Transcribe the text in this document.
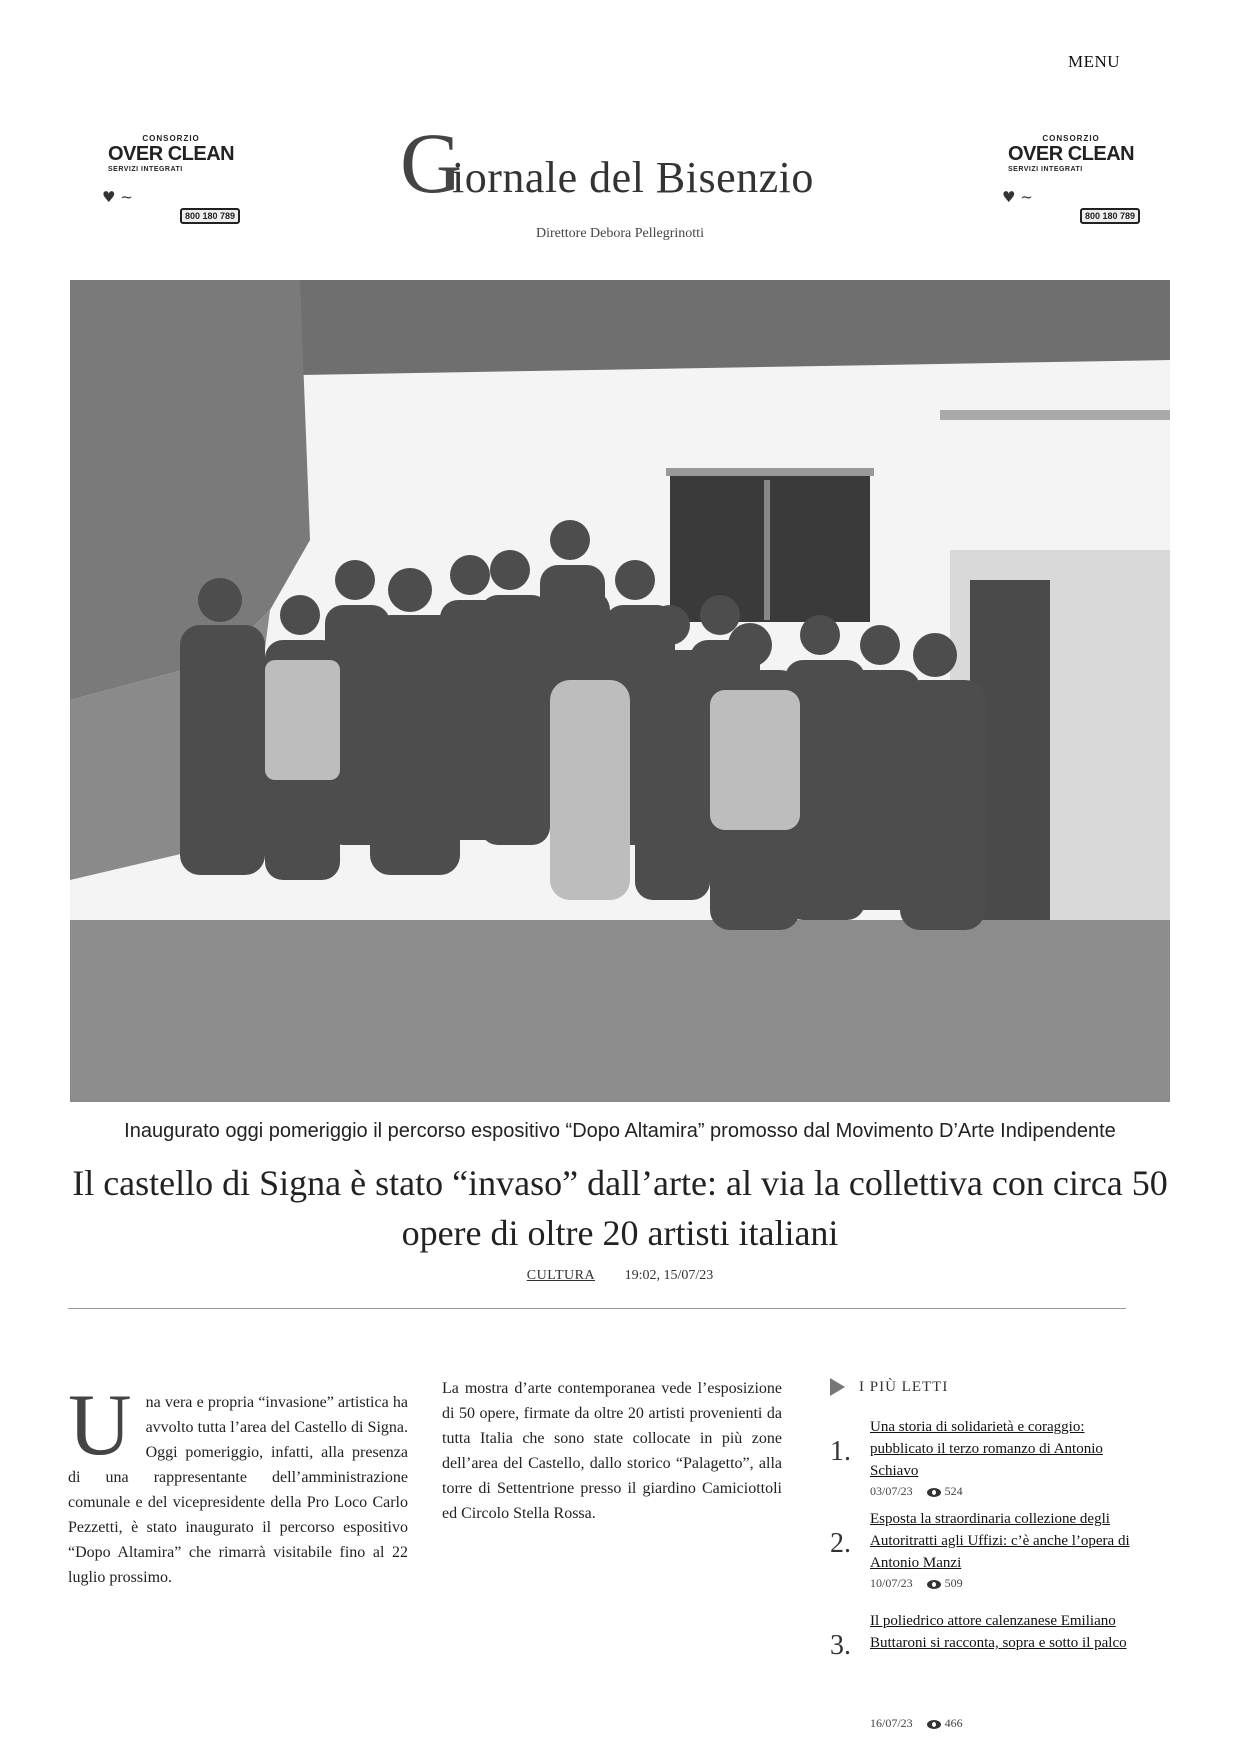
MENU
CONSORZIO
OVER CLEAN
SERVIZI INTEGRATI
♥ ~
800 180 789
G
iornale del Bisenzio
Direttore Debora Pellegrinotti
CONSORZIO
OVER CLEAN
SERVIZI INTEGRATI
♥ ~
800 180 789
Inaugurato oggi pomeriggio il percorso espositivo “Dopo Altamira” promosso dal Movimento D’Arte Indipendente
Il castello di Signa è stato “invaso” dall’arte: al via la collettiva con circa 50 opere di oltre 20 artisti italiani
CULTURA 19:02, 15/07/23
U na vera e propria “invasione” artistica ha avvolto tutta l’area del Castello di Signa. Oggi pomeriggio, infatti, alla presenza di una rappresentante dell’amministrazione comunale e del vicepresidente della Pro Loco Carlo Pezzetti, è stato inaugurato il percorso espositivo “Dopo Altamira” che rimarrà visitabile fino al 22 luglio prossimo.
La mostra d’arte contemporanea vede l’esposizione di 50 opere, firmate da oltre 20 artisti provenienti da tutta Italia che sono state collocate in più zone dell’area del Castello, dallo storico “Palagetto”, alla torre di Settentrione presso il giardino Camiciottoli ed Circolo Stella Rossa.
I PIÙ LETTI
1.
Una storia di solidarietà e coraggio: pubblicato il terzo romanzo di Antonio Schiavo
03/07/23	524
2.
Esposta la straordinaria collezione degli Autoritratti agli Uffizi: c’è anche l’opera di Antonio Manzi
10/07/23	509
3.
Il poliedrico attore calenzanese Emiliano Buttaroni si racconta, sopra e sotto il palco
16/07/23	466
